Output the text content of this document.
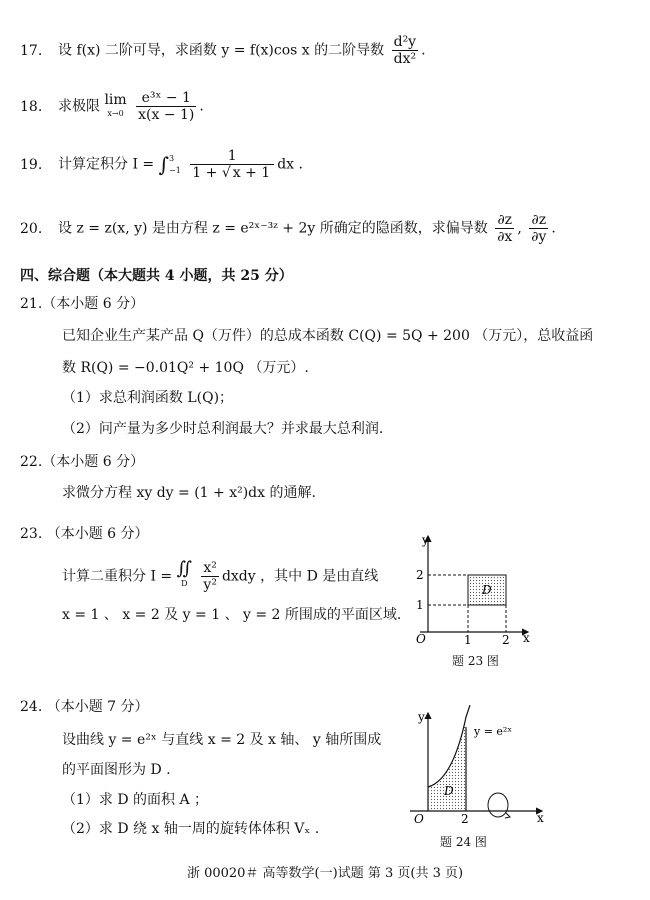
17. 设 f(x) 二阶可导，求函数 y = f(x)cos x 的二阶导数 $\frac{\text{d²y}}{\text{dx²}}$ .
18. 求极限 lim
x→0
$\frac{\text{e³ˣ − 1}}{x(x - 1)}$ .
19. 计算定积分 I = ∫ 3
−1
$\frac{1}{1 + √ x + 1}$ dx .
20. 设 z = z(x, y) 是由方程 z = e²ˣ⁻³ᶻ + 2y 所确定的隐函数，求偏导数 $\frac{\partial z}{\partial x}$ , $\frac{\partial z}{\partial y}$ .
四、综合题（本大题共 4 小题，共 25 分）
21.（本小题 6 分）
已知企业生产某产品 Q（万件）的总成本函数 C(Q) = 5Q + 200 （万元），总收益函
数 R(Q) = −0.01Q² + 10Q （万元）.
（1）求总利润函数 L(Q)；
（2）问产量为多少时总利润最大？并求最大总利润.
22.（本小题 6 分）
求微分方程 xy dy = (1 + x²)dx 的通解.
23. （本小题 6 分）
计算二重积分 I = ∬
D
$\frac{\text{x²}}{\text{y²}}$ dxdy ，其中 D 是由直线
x = 1 、 x = 2 及 y = 1 、 y = 2 所围成的平面区域.
y
x
O
D
1	2
1
2
题 23 图
24. （本小题 7 分）
设曲线 y = e²ˣ 与直线 x = 2 及 x 轴、 y 轴所围成
的平面图形为 D .
（1）求 D 的面积 A ；
（2）求 D 绕 x 轴一周的旋转体体积 Vₓ .
y
x
O
D
2
y = e²ˣ
题 24 图
浙 00020＃ 高等数学(一)试题 第 3 页(共 3 页)
